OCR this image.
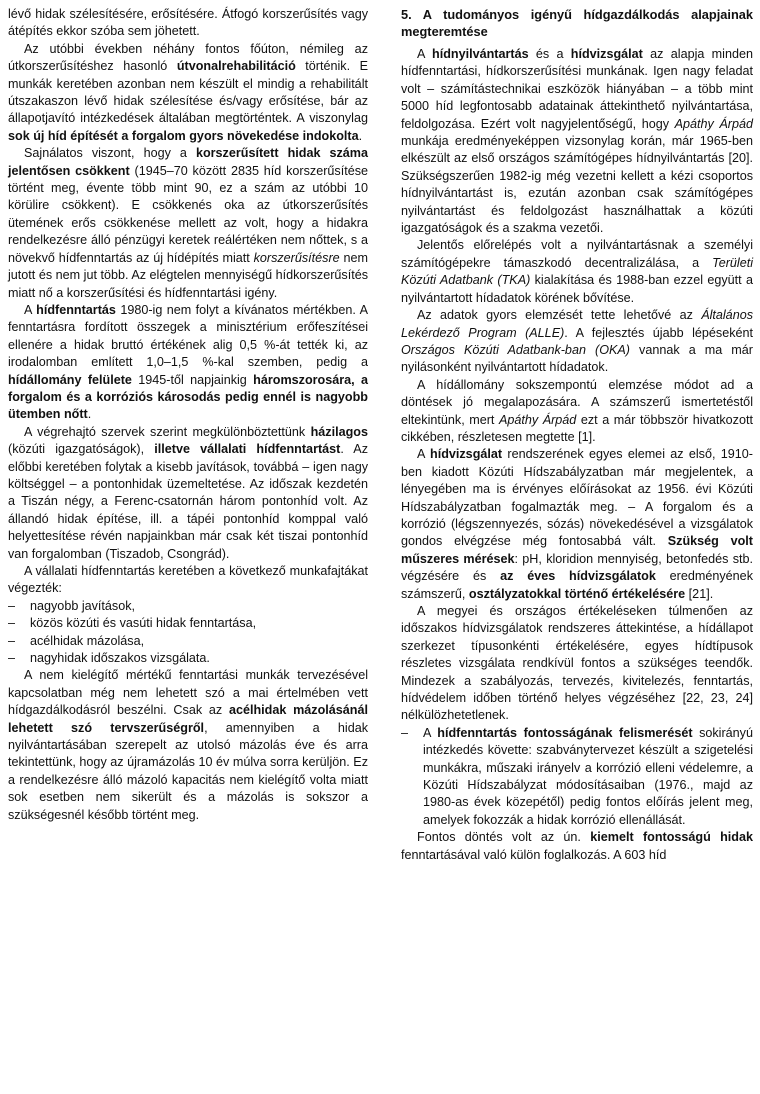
lévő hidak szélesítésére, erősítésére. Átfogó korszerűsítés vagy átépítés ekkor szóba sem jöhetett.

Az utóbbi években néhány fontos főúton, némileg az útkorszerűsítéshez hasonló útvonalrehabilitáció történik. E munkák keretében azonban nem készült el mindig a rehabilitált útszakaszon lévő hidak szélesítése és/vagy erősítése, bár az állapotjavító intézkedések általában megtörténtek. A viszonylag sok új híd építését a forgalom gyors növekedése indokolta.

Sajnálatos viszont, hogy a korszerűsített hidak száma jelentősen csökkent (1945–70 között 2835 híd korszerűsítése történt meg, évente több mint 90, ez a szám az utóbbi 10 körülire csökkent). E csökkenés oka az útkorszerűsítés ütemének erős csökkenése mellett az volt, hogy a hidakra rendelkezésre álló pénzügyi keretek reálértéken nem nőttek, s a növekvő hídfenntartás az új hídépítés miatt korszerűsítésre nem jutott és nem jut több. Az elégtelen mennyiségű hídkorszerűsítés miatt nő a korszerűsítési és hídfenntartási igény.

A hídfenntartás 1980-ig nem folyt a kívánatos mértékben. A fenntartásra fordított összegek a minisztérium erőfeszítései ellenére a hidak bruttó értékének alig 0,5 %-át tették ki, az irodalomban említett 1,0–1,5 %-kal szemben, pedig a hídállomány felülete 1945-től napjainkig háromszorosára, a forgalom és a korróziós károsodás pedig ennél is nagyobb ütemben nőtt.

A végrehajtó szervek szerint megkülönböztettünk házilagos (közúti igazgatóságok), illetve vállalati hídfenntartást. Az előbbi keretében folytak a kisebb javítások, továbbá – igen nagy költséggel – a pontonhidak üzemeltetése. Az időszak kezdetén a Tiszán négy, a Ferenc-csatornán három pontonhíd volt. Az állandó hidak építése, ill. a tápéi pontonhíd komppal való helyettesítése révén napjainkban már csak két tiszai pontonhíd van forgalomban (Tiszadob, Csongrád).

A vállalati hídfenntartás keretében a következő munkafajtákat végezték:

– nagyobb javítások,
– közös közúti és vasúti hidak fenntartása,
– acélhidak mázolása,
– nagyhidak időszakos vizsgálata.

A nem kielégítő mértékű fenntartási munkák tervezésével kapcsolatban még nem lehetett szó a mai értelmében vett hídgazdálkodásról beszélni. Csak az acélhidak mázolásánál lehetett szó tervszerűségről, amennyiben a hidak nyilvántartásában szerepelt az utolsó mázolás éve és arra tekintettünk, hogy az újramázolás 10 év múlva sorra kerüljön. Ez a rendelkezésre álló mázoló kapacitás nem kielégítő volta miatt sok esetben nem sikerült és a mázolás is sokszor a szükségesnél később történt meg.

5. A tudományos igényű hídgazdálkodás alapjainak megteremtése

A hídnyilvántartás és a hídvizsgálat az alapja minden hídfenntartási, hídkorszerűsítési munkának. Igen nagy feladat volt – számítástechnikai eszközök hiányában – a több mint 5000 híd legfontosabb adatainak áttekinthető nyilvántartása, feldolgozása. Ezért volt nagyjelentőségű, hogy Apáthy Árpád munkája eredményeképpen vizsonylag korán, már 1965-ben elkészült az első országos számítógépes hídnyilvántartás [20]. Szükségszerűen 1982-ig még vezetni kellett a kézi csoportos hídnyilvántartást is, ezután azonban csak számítógépes nyilvántartást és feldolgozást használhattak a közúti igazgatóságok és a szakma vezetői.

Jelentős előrelépés volt a nyilvántartásnak a személyi számítógépekre támaszkodó decentralizálása, a Területi Közúti Adatbank (TKA) kialakítása és 1988-ban ezzel együtt a nyilvántartott hídadatok körének bővítése.

Az adatok gyors elemzését tette lehetővé az Általános Lekérdező Program (ALLE). A fejlesztés újabb lépéseként Országos Közúti Adatbank-ban (OKA) vannak a ma már nyilásonként nyilvántartott hídadatok.

A hídállomány sokszempontú elemzése módot ad a döntések jó megalapozására. A számszerű ismertetéstől eltekintünk, mert Apáthy Árpád ezt a már többször hivatkozott cikkében, részletesen megtette [1].

A hídvizsgálat rendszerének egyes elemei az első, 1910-ben kiadott Közúti Hídszabályzatban már megjelentek, a lényegében ma is érvényes előírásokat az 1956. évi Közúti Hídszabályzatban fogalmazták meg. – A forgalom és a korrózió (légszennyezés, sózás) növekedésével a vizsgálatok gondos elvégzése még fontosabbá vált. Szükség volt műszeres mérések: pH, kloridion mennyiség, betonfedés stb. végzésére és az éves hídvizsgálatok eredményének számszerű, osztályzatokkal történő értékelésére [21].

A megyei és országos értékeléseken túlmenően az időszakos hídvizsgálatok rendszeres áttekintése, a hídállapot szerkezet típusonkénti értékelésére, egyes hídtípusok részletes vizsgálata rendkívül fontos a szükséges teendők. Mindezek a szabályozás, tervezés, kivitelezés, fenntartás, hídvédelem időben történő helyes végzéséhez [22, 23, 24] nélkülözhetetlenek.

– A hídfenntartás fontosságának felismerését sokirányú intézkedés követte: szabványtervezet készült a szigetelési munkákra, műszaki irányelv a korrózió elleni védelemre, a Közúti Hídszabályzat módosításaiban (1976., majd az 1980-as évek közepétől) pedig fontos előírás jelent meg, amelyek fokozzák a hidak korrózió ellenállását.

Fontos döntés volt az ún. kiemelt fontosságú hidak fenntartásával való külön foglalkozás. A 603 híd
